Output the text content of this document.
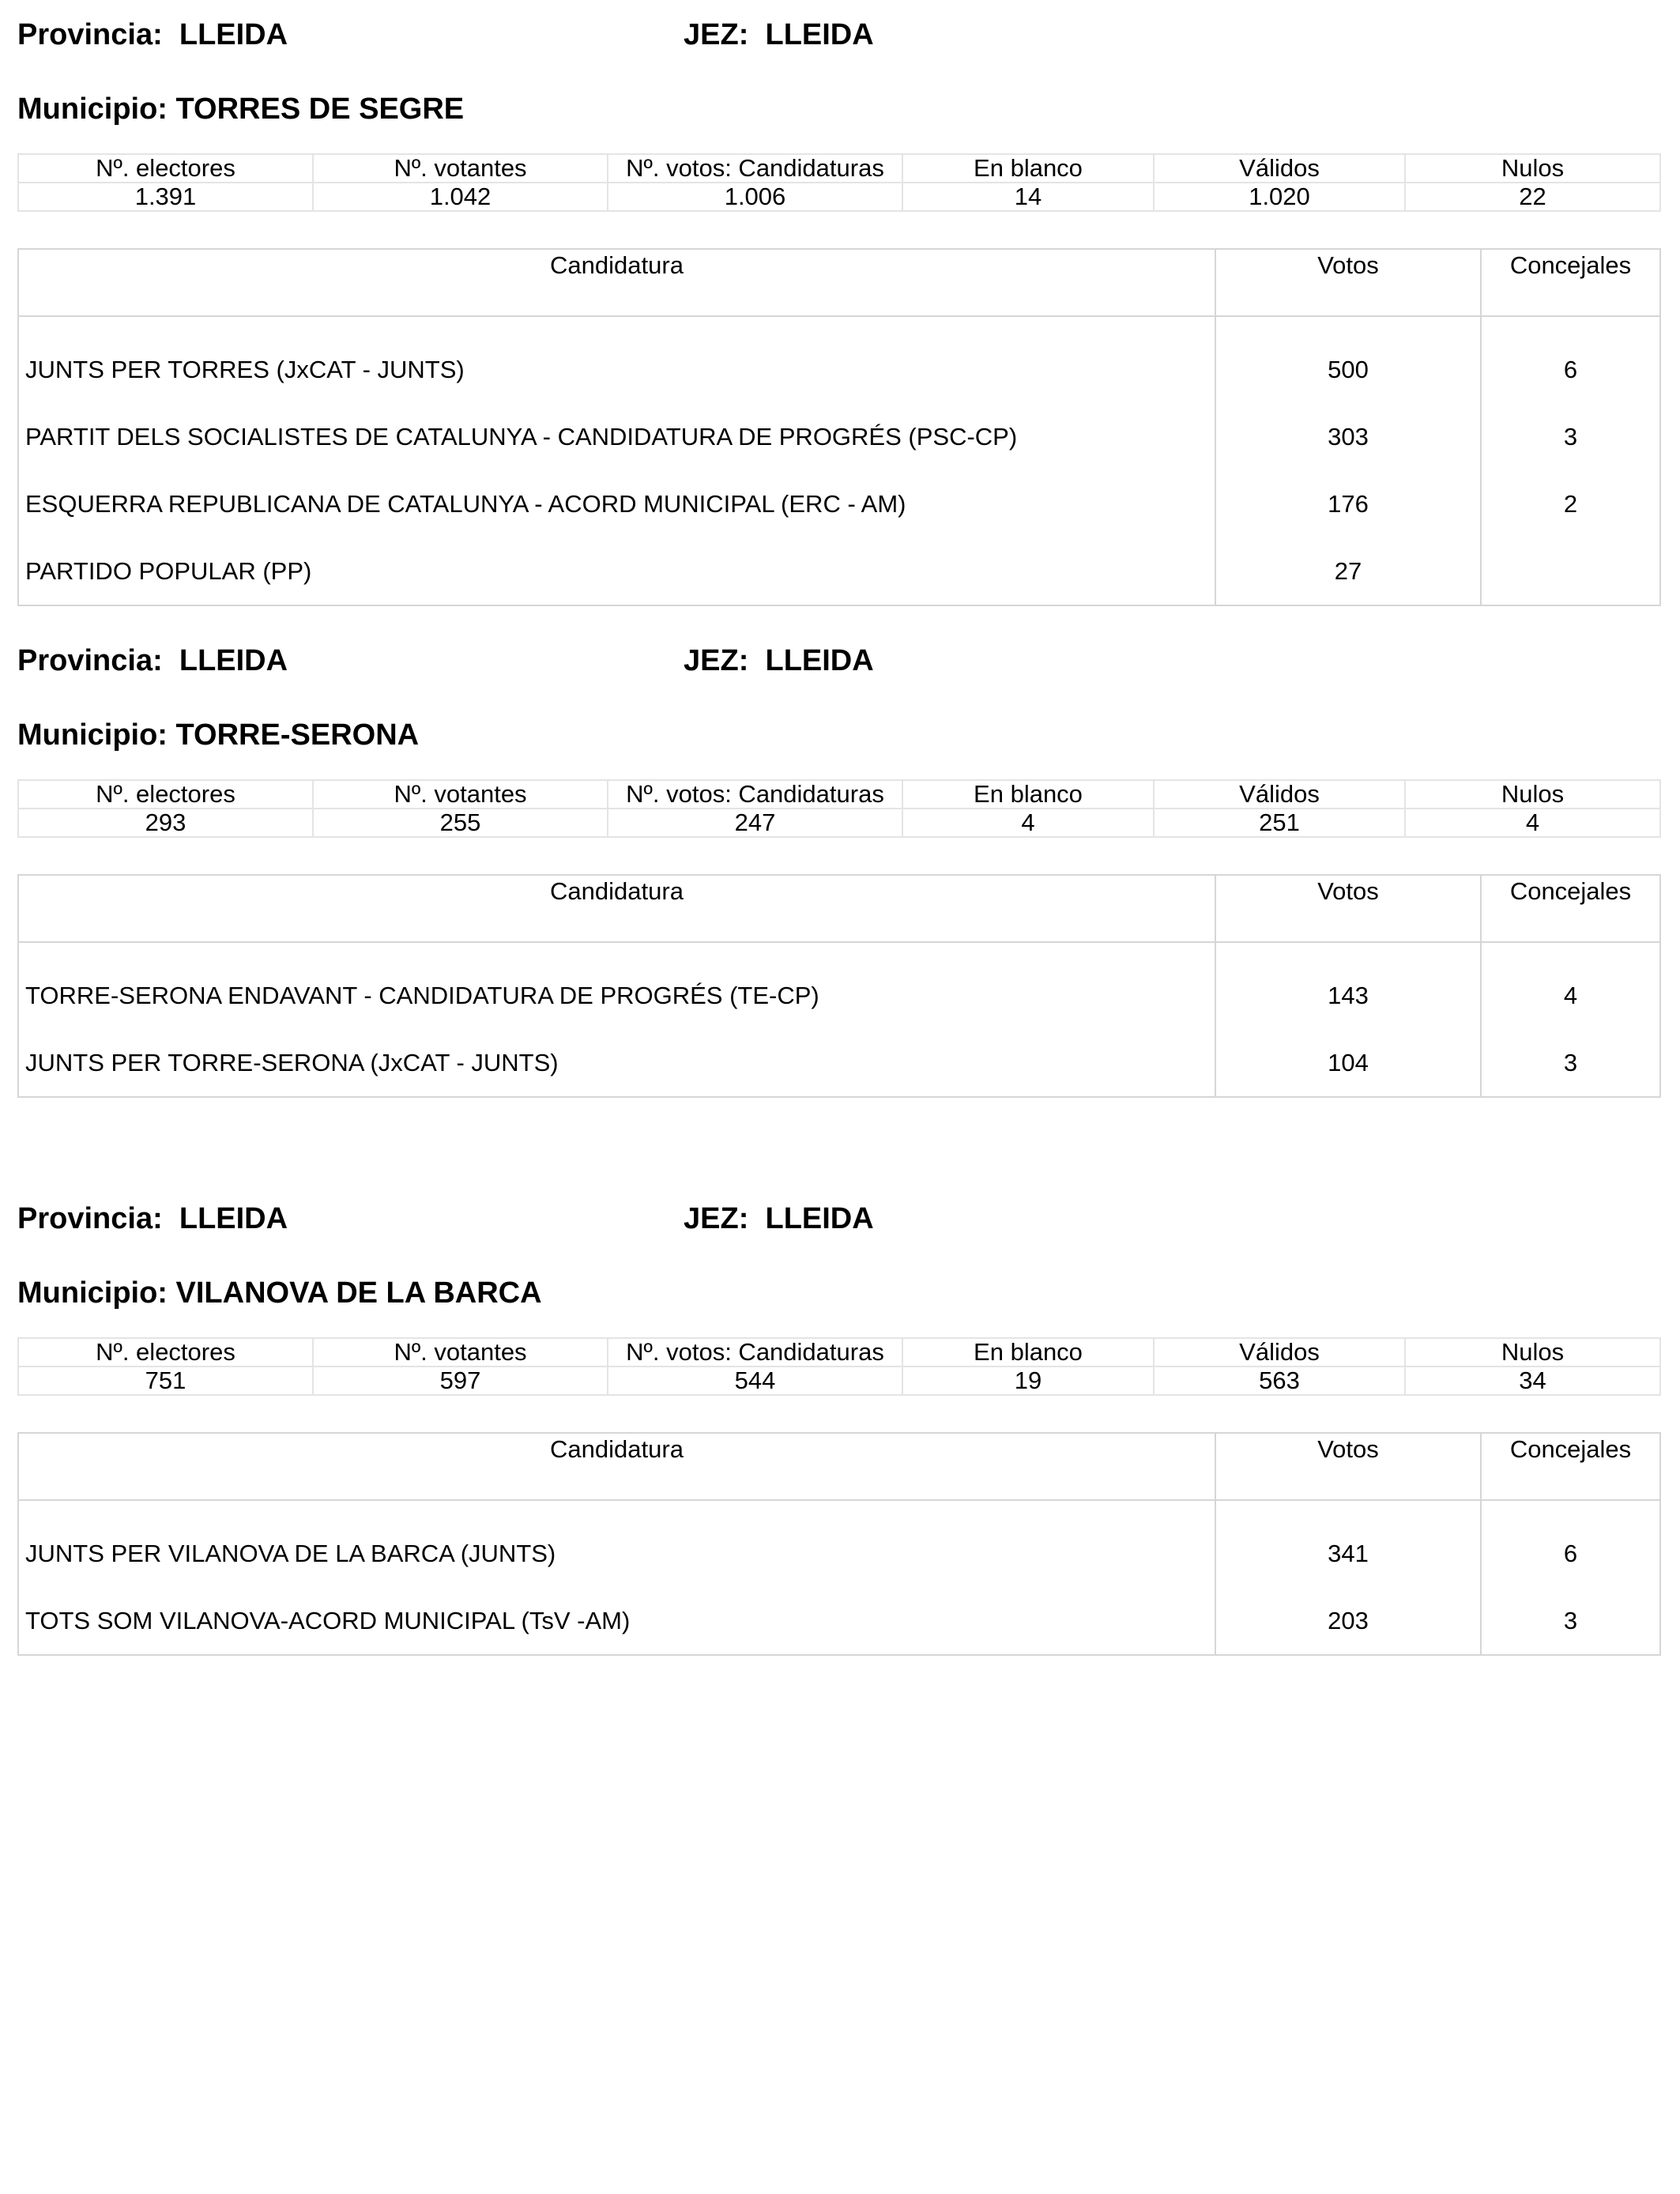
Provincia: LLEIDA	JEZ: LLEIDA
Municipio: TORRES DE SEGRE
Nº. electores	Nº. votantes	Nº. votos: Candidaturas	En blanco	Válidos	Nulos
1.391	1.042	1.006	14	1.020	22
Candidatura	Votos	Concejales
JUNTS PER TORRES (JxCAT - JUNTS)	500	6
PARTIT DELS SOCIALISTES DE CATALUNYA - CANDIDATURA DE PROGRÉS (PSC-CP)	303	3
ESQUERRA REPUBLICANA DE CATALUNYA - ACORD MUNICIPAL (ERC - AM)	176	2
PARTIDO POPULAR (PP)	27	
Provincia: LLEIDA	JEZ: LLEIDA
Municipio: TORRE-SERONA
Nº. electores	Nº. votantes	Nº. votos: Candidaturas	En blanco	Válidos	Nulos
293	255	247	4	251	4
Candidatura	Votos	Concejales
TORRE-SERONA ENDAVANT - CANDIDATURA DE PROGRÉS (TE-CP)	143	4
JUNTS PER TORRE-SERONA (JxCAT - JUNTS)	104	3
Provincia: LLEIDA	JEZ: LLEIDA
Municipio: VILANOVA DE LA BARCA
Nº. electores	Nº. votantes	Nº. votos: Candidaturas	En blanco	Válidos	Nulos
751	597	544	19	563	34
Candidatura	Votos	Concejales
JUNTS PER VILANOVA DE LA BARCA (JUNTS)	341	6
TOTS SOM VILANOVA-ACORD MUNICIPAL (TsV -AM)	203	3
